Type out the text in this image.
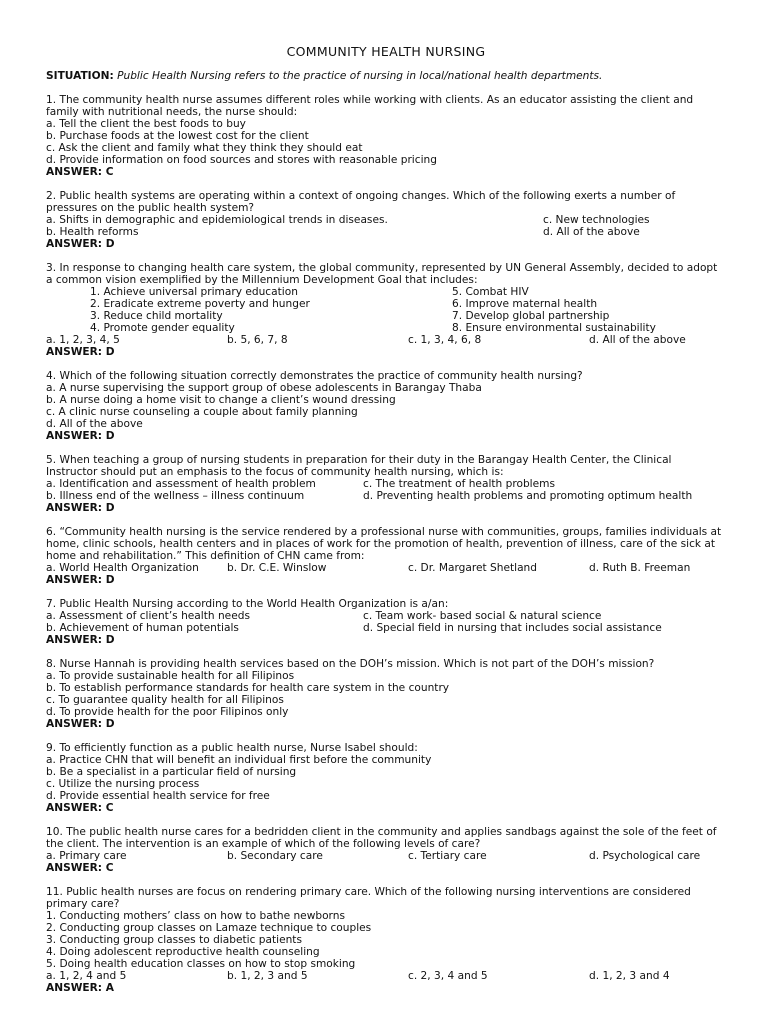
COMMUNITY HEALTH NURSING
SITUATION: Public Health Nursing refers to the practice of nursing in local/national health departments.

1. The community health nurse assumes different roles while working with clients. As an educator assisting the client and family with nutritional needs, the nurse should:

a. Tell the client the best foods to buy

b. Purchase foods at the lowest cost for the client

c. Ask the client and family what they think they should eat

d. Provide information on food sources and stores with reasonable pricing

ANSWER: C

2. Public health systems are operating within a context of ongoing changes. Which of the following exerts a number of pressures on the public health system?

a. Shifts in demographic and epidemiological trends in diseases.	c. New technologies
b. Health reforms	d. All of the above

ANSWER: D

3. In response to changing health care system, the global community, represented by UN General Assembly, decided to adopt a common vision exemplified by the Millennium Development Goal that includes:

1. Achieve universal primary education	5. Combat HIV
2. Eradicate extreme poverty and hunger	6. Improve maternal health
3. Reduce child mortality	7. Develop global partnership
4. Promote gender equality	8. Ensure environmental sustainability
a. 1, 2, 3, 4, 5	b. 5, 6, 7, 8	c. 1, 3, 4, 6, 8	d. All of the above

ANSWER: D

4. Which of the following situation correctly demonstrates the practice of community health nursing?

a. A nurse supervising the support group of obese adolescents in Barangay Thaba

b. A nurse doing a home visit to change a client’s wound dressing

c. A clinic nurse counseling a couple about family planning

d. All of the above

ANSWER: D

5. When teaching a group of nursing students in preparation for their duty in the Barangay Health Center, the Clinical Instructor should put an emphasis to the focus of community health nursing, which is:

a. Identification and assessment of health problem	c. The treatment of health problems
b. Illness end of the wellness – illness continuum	d. Preventing health problems and promoting optimum health

ANSWER: D

6. “Community health nursing is the service rendered by a professional nurse with communities, groups, families individuals at home, clinic schools, health centers and in places of work for the promotion of health, prevention of illness, care of the sick at home and rehabilitation.” This definition of CHN came from:

a. World Health Organization	b. Dr. C.E. Winslow	c. Dr. Margaret Shetland	d. Ruth B. Freeman

ANSWER: D

7. Public Health Nursing according to the World Health Organization is a/an:

a. Assessment of client’s health needs	c. Team work- based social & natural science
b. Achievement of human potentials	d. Special field in nursing that includes social assistance

ANSWER: D

8. Nurse Hannah is providing health services based on the DOH’s mission. Which is not part of the DOH’s mission?

a. To provide sustainable health for all Filipinos

b. To establish performance standards for health care system in the country

c. To guarantee quality health for all Filipinos

d. To provide health for the poor Filipinos only

ANSWER: D

9. To efficiently function as a public health nurse, Nurse Isabel should:

a. Practice CHN that will benefit an individual first before the community

b. Be a specialist in a particular field of nursing

c. Utilize the nursing process

d. Provide essential health service for free

ANSWER: C

10. The public health nurse cares for a bedridden client in the community and applies sandbags against the sole of the feet of the client. The intervention is an example of which of the following levels of care?

a. Primary care	b. Secondary care	c. Tertiary care	d. Psychological care

ANSWER: C

11. Public health nurses are focus on rendering primary care. Which of the following nursing interventions are considered primary care?

1. Conducting mothers’ class on how to bathe newborns

2. Conducting group classes on Lamaze technique to couples

3. Conducting group classes to diabetic patients

4. Doing adolescent reproductive health counseling

5. Doing health education classes on how to stop smoking

a. 1, 2, 4 and 5	b. 1, 2, 3 and 5	c. 2, 3, 4 and 5	d. 1, 2, 3 and 4

ANSWER: A
